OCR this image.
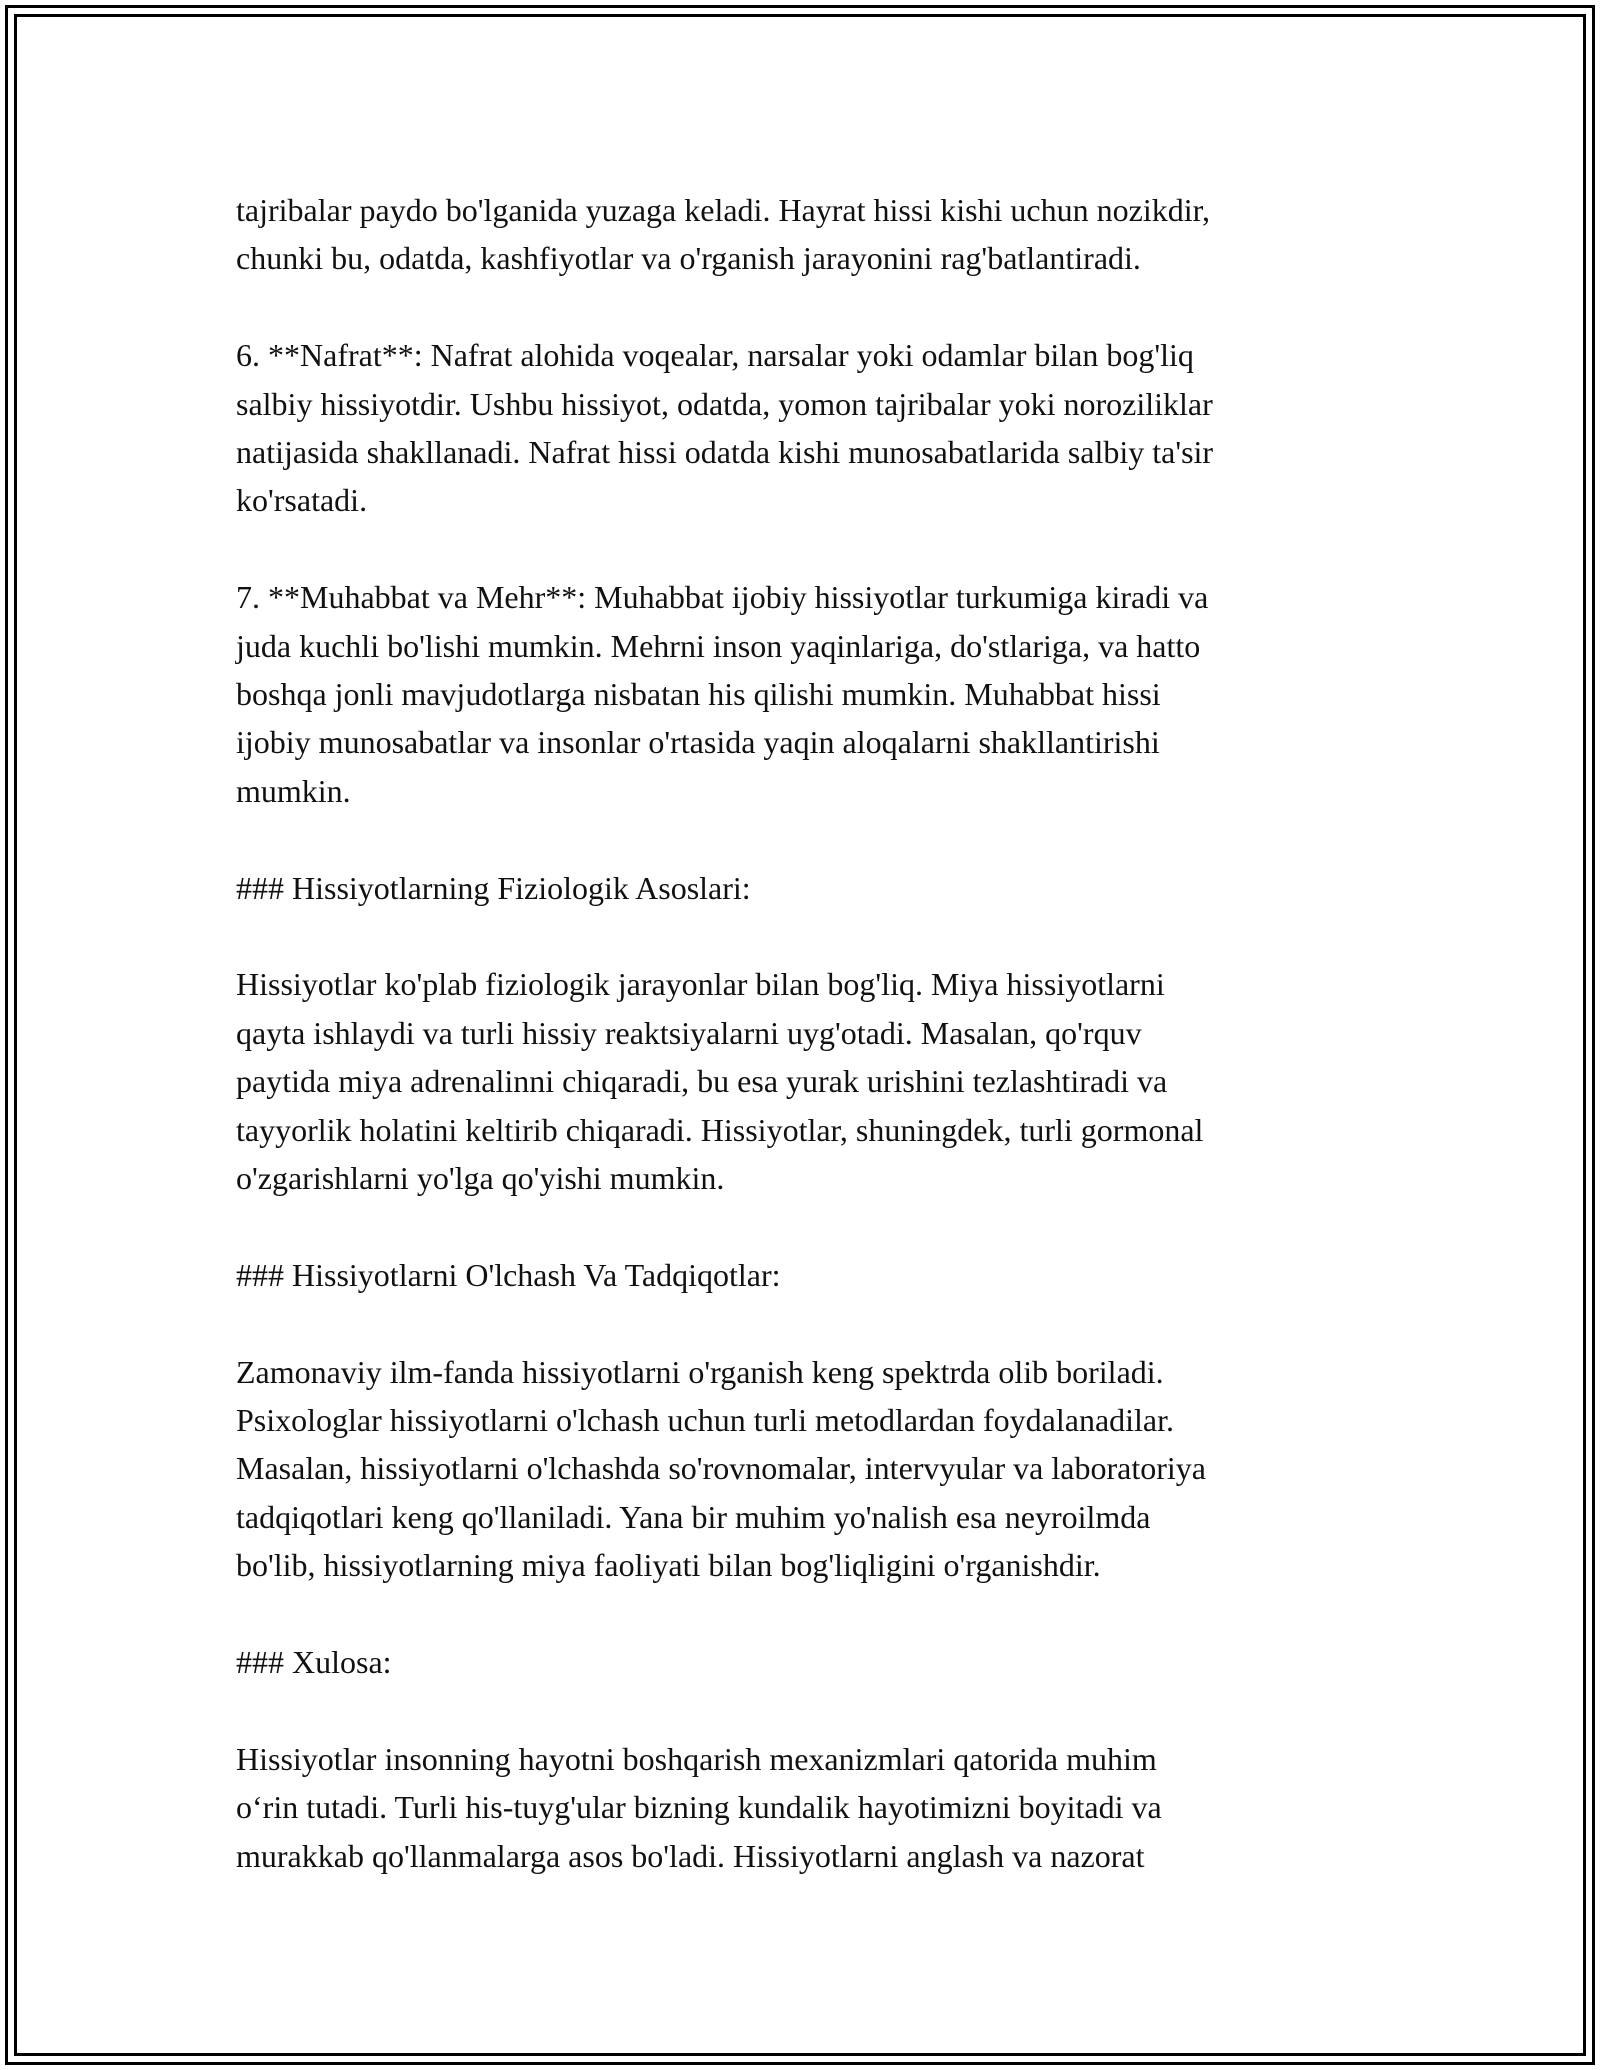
tajribalar paydo bo'lganida yuzaga keladi. Hayrat hissi kishi uchun nozikdir,
chunki bu, odatda, kashfiyotlar va o'rganish jarayonini rag'batlantiradi.

6. **Nafrat**: Nafrat alohida voqealar, narsalar yoki odamlar bilan bog'liq
salbiy hissiyotdir. Ushbu hissiyot, odatda, yomon tajribalar yoki noroziliklar
natijasida shakllanadi. Nafrat hissi odatda kishi munosabatlarida salbiy ta'sir
ko'rsatadi.

7. **Muhabbat va Mehr**: Muhabbat ijobiy hissiyotlar turkumiga kiradi va
juda kuchli bo'lishi mumkin. Mehrni inson yaqinlariga, do'stlariga, va hatto
boshqa jonli mavjudotlarga nisbatan his qilishi mumkin. Muhabbat hissi
ijobiy munosabatlar va insonlar o'rtasida yaqin aloqalarni shakllantirishi
mumkin.

### Hissiyotlarning Fiziologik Asoslari:

Hissiyotlar ko'plab fiziologik jarayonlar bilan bog'liq. Miya hissiyotlarni
qayta ishlaydi va turli hissiy reaktsiyalarni uyg'otadi. Masalan, qo'rquv
paytida miya adrenalinni chiqaradi, bu esa yurak urishini tezlashtiradi va
tayyorlik holatini keltirib chiqaradi. Hissiyotlar, shuningdek, turli gormonal
o'zgarishlarni yo'lga qo'yishi mumkin.

### Hissiyotlarni O'lchash Va Tadqiqotlar:

Zamonaviy ilm-fanda hissiyotlarni o'rganish keng spektrda olib boriladi.
Psixologlar hissiyotlarni o'lchash uchun turli metodlardan foydalanadilar.
Masalan, hissiyotlarni o'lchashda so'rovnomalar, intervyular va laboratoriya
tadqiqotlari keng qo'llaniladi. Yana bir muhim yo'nalish esa neyroilmda
bo'lib, hissiyotlarning miya faoliyati bilan bog'liqligini o'rganishdir.

### Xulosa:

Hissiyotlar insonning hayotni boshqarish mexanizmlari qatorida muhim
o‘rin tutadi. Turli his-tuyg'ular bizning kundalik hayotimizni boyitadi va
murakkab qo'llanmalarga asos bo'ladi. Hissiyotlarni anglash va nazorat
